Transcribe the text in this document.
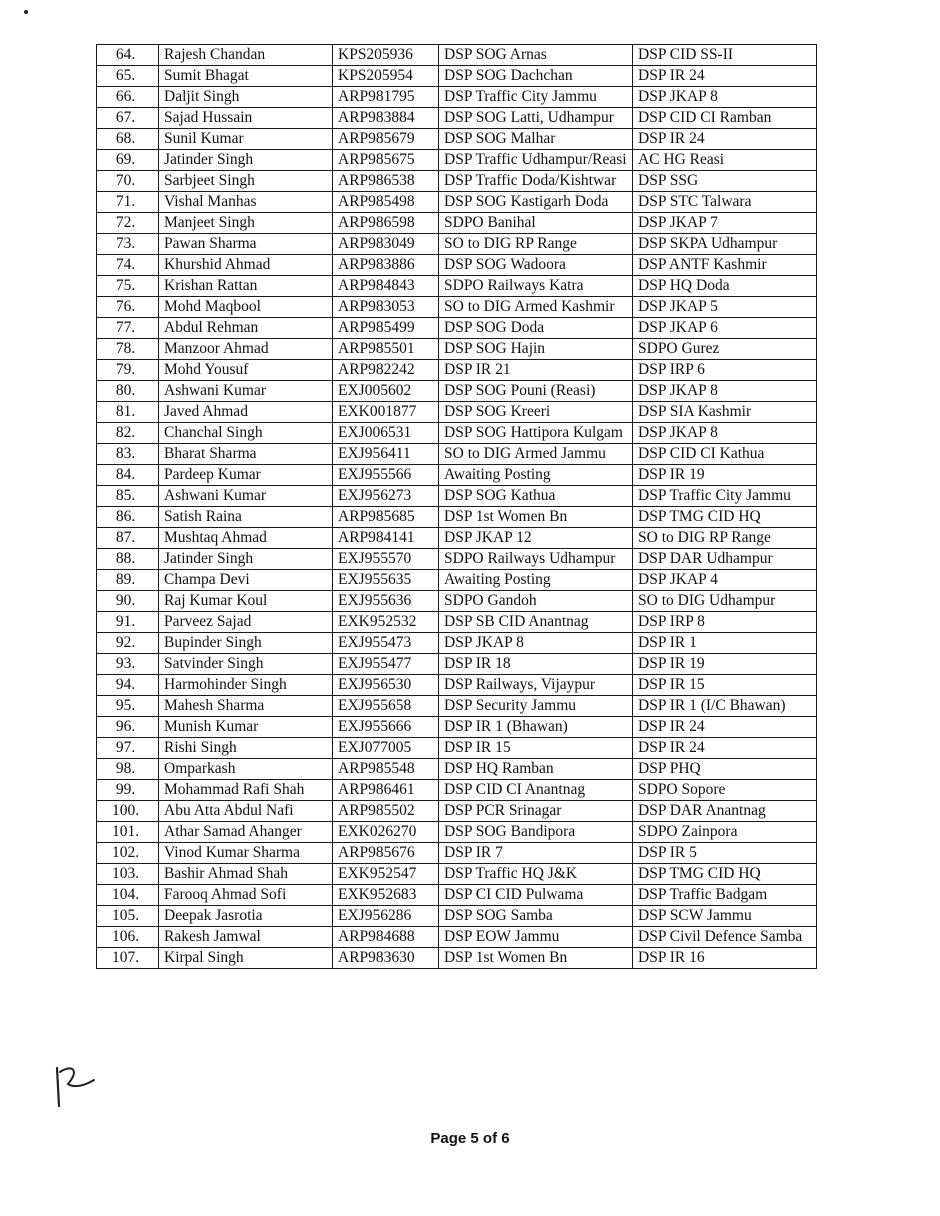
64.	Rajesh Chandan	KPS205936	DSP SOG Arnas	DSP CID SS-II
65.	Sumit Bhagat	KPS205954	DSP SOG Dachchan	DSP IR 24
66.	Daljit Singh	ARP981795	DSP Traffic City Jammu	DSP JKAP 8
67.	Sajad Hussain	ARP983884	DSP SOG Latti, Udhampur	DSP CID CI Ramban
68.	Sunil Kumar	ARP985679	DSP SOG Malhar	DSP IR 24
69.	Jatinder Singh	ARP985675	DSP Traffic Udhampur/Reasi	AC HG Reasi
70.	Sarbjeet Singh	ARP986538	DSP Traffic Doda/Kishtwar	DSP SSG
71.	Vishal Manhas	ARP985498	DSP SOG Kastigarh Doda	DSP STC Talwara
72.	Manjeet Singh	ARP986598	SDPO Banihal	DSP JKAP 7
73.	Pawan Sharma	ARP983049	SO to DIG RP Range	DSP SKPA Udhampur
74.	Khurshid Ahmad	ARP983886	DSP SOG Wadoora	DSP ANTF Kashmir
75.	Krishan Rattan	ARP984843	SDPO Railways Katra	DSP HQ Doda
76.	Mohd Maqbool	ARP983053	SO to DIG Armed Kashmir	DSP JKAP 5
77.	Abdul Rehman	ARP985499	DSP SOG Doda	DSP JKAP 6
78.	Manzoor Ahmad	ARP985501	DSP SOG Hajin	SDPO Gurez
79.	Mohd Yousuf	ARP982242	DSP IR 21	DSP IRP 6
80.	Ashwani Kumar	EXJ005602	DSP SOG Pouni (Reasi)	DSP JKAP 8
81.	Javed Ahmad	EXK001877	DSP SOG Kreeri	DSP SIA Kashmir
82.	Chanchal Singh	EXJ006531	DSP SOG Hattipora Kulgam	DSP JKAP 8
83.	Bharat Sharma	EXJ956411	SO to DIG Armed Jammu	DSP CID CI Kathua
84.	Pardeep Kumar	EXJ955566	Awaiting Posting	DSP IR 19
85.	Ashwani Kumar	EXJ956273	DSP SOG Kathua	DSP Traffic City Jammu
86.	Satish Raina	ARP985685	DSP 1st Women Bn	DSP TMG CID HQ
87.	Mushtaq Ahmad	ARP984141	DSP JKAP 12	SO to DIG RP Range
88.	Jatinder Singh	EXJ955570	SDPO Railways Udhampur	DSP DAR Udhampur
89.	Champa Devi	EXJ955635	Awaiting Posting	DSP JKAP 4
90.	Raj Kumar Koul	EXJ955636	SDPO Gandoh	SO to DIG Udhampur
91.	Parveez Sajad	EXK952532	DSP SB CID Anantnag	DSP IRP 8
92.	Bupinder Singh	EXJ955473	DSP JKAP 8	DSP IR 1
93.	Satvinder Singh	EXJ955477	DSP IR 18	DSP IR 19
94.	Harmohinder Singh	EXJ956530	DSP Railways, Vijaypur	DSP IR 15
95.	Mahesh Sharma	EXJ955658	DSP Security Jammu	DSP IR 1 (I/C Bhawan)
96.	Munish Kumar	EXJ955666	DSP IR 1 (Bhawan)	DSP IR 24
97.	Rishi Singh	EXJ077005	DSP IR 15	DSP IR 24
98.	Omparkash	ARP985548	DSP HQ Ramban	DSP PHQ
99.	Mohammad Rafi Shah	ARP986461	DSP CID CI Anantnag	SDPO Sopore
100.	Abu Atta Abdul Nafi	ARP985502	DSP PCR Srinagar	DSP DAR Anantnag
101.	Athar Samad Ahanger	EXK026270	DSP SOG Bandipora	SDPO Zainpora
102.	Vinod Kumar Sharma	ARP985676	DSP IR 7	DSP IR 5
103.	Bashir Ahmad Shah	EXK952547	DSP Traffic HQ J&K	DSP TMG CID HQ
104.	Farooq Ahmad Sofi	EXK952683	DSP CI CID Pulwama	DSP Traffic Badgam
105.	Deepak Jasrotia	EXJ956286	DSP SOG Samba	DSP SCW Jammu
106.	Rakesh Jamwal	ARP984688	DSP EOW Jammu	DSP Civil Defence Samba
107.	Kirpal Singh	ARP983630	DSP 1st Women Bn	DSP IR 16
Page 5 of 6
